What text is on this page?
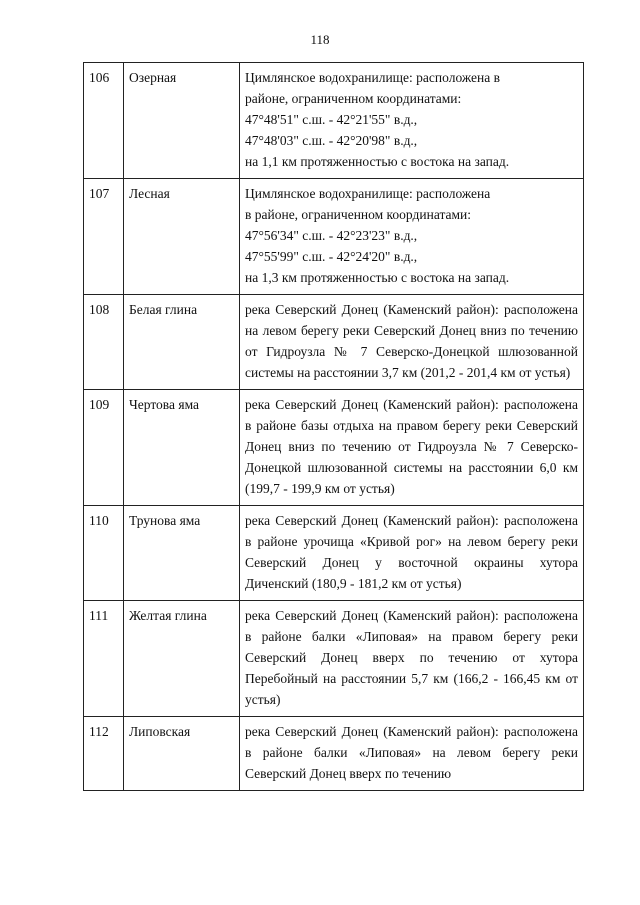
118
106	Озерная	Цимлянское водохранилище: расположена в
районе, ограниченном координатами:
47°48'51" с.ш. - 42°21'55" в.д.,
47°48'03" с.ш. - 42°20'98" в.д.,
на 1,1 км протяженностью с востока на запад.

107	Лесная	Цимлянское водохранилище: расположена
в районе, ограниченном координатами:
47°56'34" с.ш. - 42°23'23" в.д.,
47°55'99" с.ш. - 42°24'20" в.д.,
на 1,3 км протяженностью с востока на запад.

108	Белая глина	река Северский Донец (Каменский район): расположена на левом берегу реки Северский Донец вниз по течению от Гидроузла № 7 Северско-Донецкой шлюзованной системы на расстоянии 3,7 км (201,2 - 201,4 км от устья)
109	Чертова яма	река Северский Донец (Каменский район): расположена в районе базы отдыха на правом берегу реки Северский Донец вниз по течению от Гидроузла № 7 Северско-Донецкой шлюзованной системы на расстоянии 6,0 км (199,7 - 199,9 км от устья)
110	Трунова яма	река Северский Донец (Каменский район): расположена в районе урочища «Кривой рог» на левом берегу реки Северский Донец у восточной окраины хутора Диченский (180,9 - 181,2 км от устья)
111	Желтая глина	река Северский Донец (Каменский район): расположена в районе балки «Липовая» на правом берегу реки Северский Донец вверх по течению от хутора Перебойный на расстоянии 5,7 км (166,2 - 166,45 км от устья)
112	Липовская	река Северский Донец (Каменский район): расположена в районе балки «Липовая» на левом берегу реки Северский Донец вверх по течению
